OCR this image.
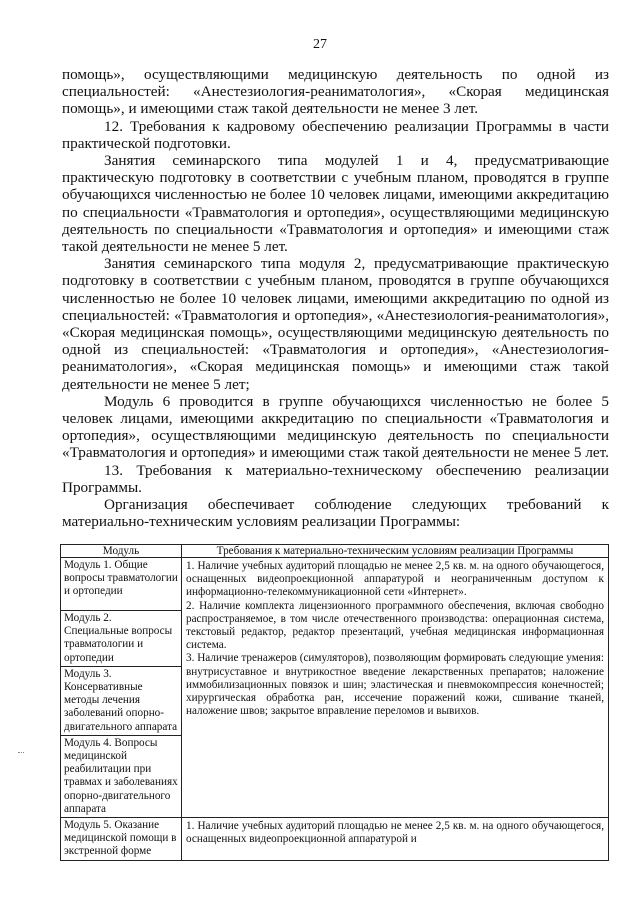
27

помощь», осуществляющими медицинскую деятельность по одной из специальностей: «Анестезиология-реаниматология», «Скорая медицинская помощь», и имеющими стаж такой деятельности не менее 3 лет.

12. Требования к кадровому обеспечению реализации Программы в части практической подготовки.

Занятия семинарского типа модулей 1 и 4, предусматривающие практическую подготовку в соответствии с учебным планом, проводятся в группе обучающихся численностью не более 10 человек лицами, имеющими аккредитацию по специальности «Травматология и ортопедия», осуществляющими медицинскую деятельность по специальности «Травматология и ортопедия» и имеющими стаж такой деятельности не менее 5 лет.

Занятия семинарского типа модуля 2, предусматривающие практическую подготовку в соответствии с учебным планом, проводятся в группе обучающихся численностью не более 10 человек лицами, имеющими аккредитацию по одной из специальностей: «Травматология и ортопедия», «Анестезиология-реаниматология», «Скорая медицинская помощь», осуществляющими медицинскую деятельность по одной из специальностей: «Травматология и ортопедия», «Анестезиология-реаниматология», «Скорая медицинская помощь» и имеющими стаж такой деятельности не менее 5 лет;

Модуль 6 проводится в группе обучающихся численностью не более 5 человек лицами, имеющими аккредитацию по специальности «Травматология и ортопедия», осуществляющими медицинскую деятельность по специальности «Травматология и ортопедия» и имеющими стаж такой деятельности не менее 5 лет.

13. Требования к материально-техническому обеспечению реализации Программы.

Организация обеспечивает соблюдение следующих требований к материально-техническим условиям реализации Программы:

Модуль	Требования к материально-техническим условиям реализации Программы
Модуль 1. Общие вопросы травматологии и ортопедии	1. Наличие учебных аудиторий площадью не менее 2,5 кв. м. на одного обучающегося, оснащенных видеопроекционной аппаратурой и неограниченным доступом к информационно-телекоммуникационной сети «Интернет».
2. Наличие комплекта лицензионного программного обеспечения, включая свободно распространяемое, в том числе отечественного производства: операционная система, текстовый редактор, редактор презентаций, учебная медицинская информационная система.
3. Наличие тренажеров (симуляторов), позволяющим формировать следующие умения: внутрисуставное и внутрикостное введение лекарственных препаратов; наложение иммобилизационных повязок и шин; эластическая и пневмокомпрессия конечностей; хирургическая обработка ран, иссечение поражений кожи, сшивание тканей, наложение швов; закрытое вправление переломов и вывихов.

Модуль 2. Специальные вопросы травматологии и ортопедии	
Модуль 3. Консервативные методы лечения заболеваний опорно-двигательного аппарата	
Модуль 4. Вопросы медицинской реабилитации при травмах и заболеваниях опорно-двигательного аппарата	
Модуль 5. Оказание медицинской помощи в экстренной форме	1. Наличие учебных аудиторий площадью не менее 2,5 кв. м. на одного обучающегося, оснащенных видеопроекционной аппаратурой и
